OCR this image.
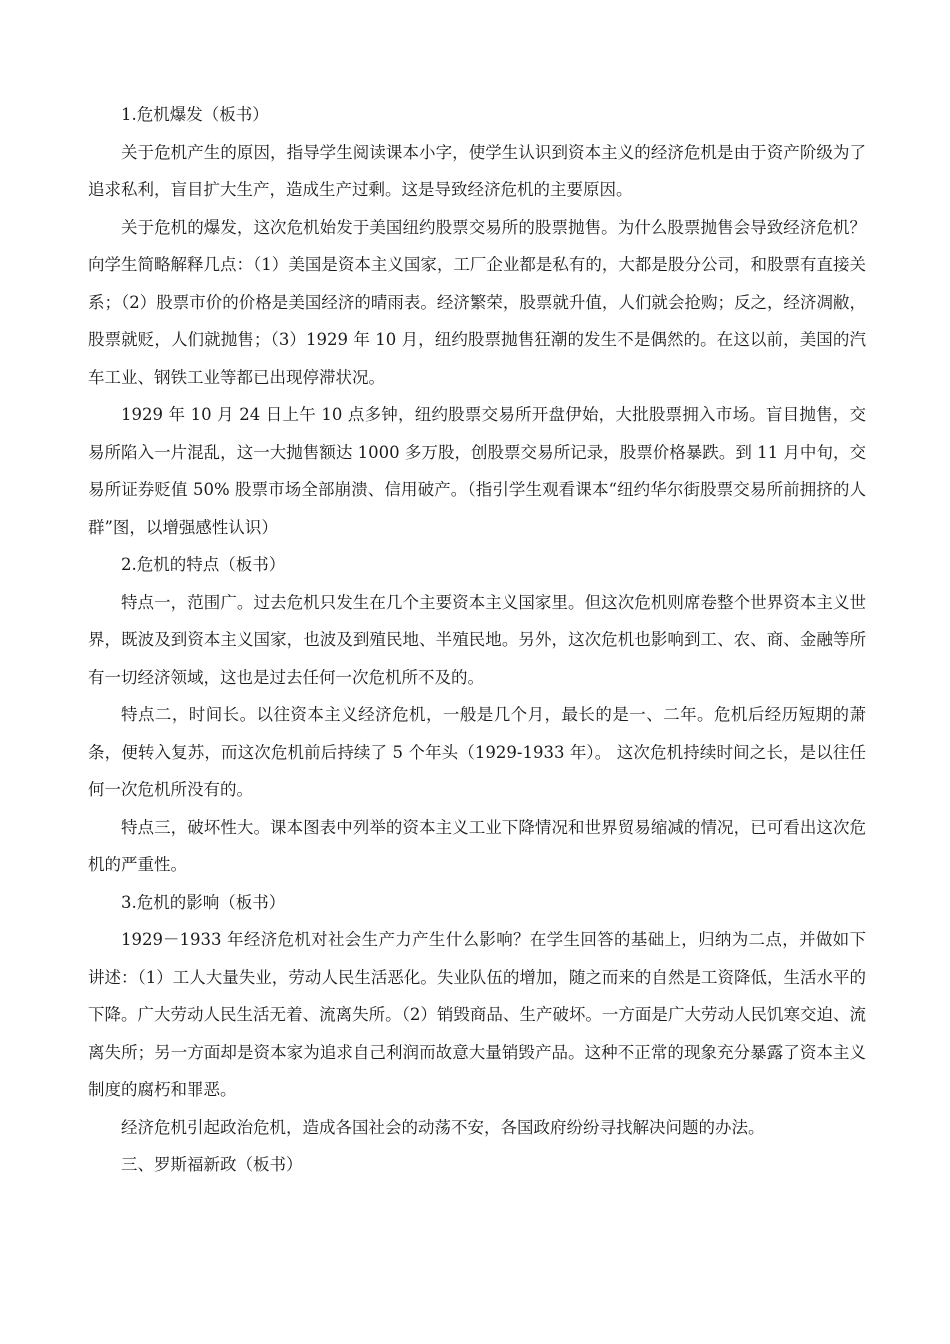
1.危机爆发（板书）

关于危机产生的原因，指导学生阅读课本小字，使学生认识到资本主义的经济危机是由于资产阶级为了追求私利，盲目扩大生产，造成生产过剩。这是导致经济危机的主要原因。

关于危机的爆发，这次危机始发于美国纽约股票交易所的股票抛售。为什么股票抛售会导致经济危机？向学生简略解释几点：（1）美国是资本主义国家，工厂企业都是私有的，大都是股分公司，和股票有直接关系；（2）股票市价的价格是美国经济的晴雨表。经济繁荣，股票就升值，人们就会抢购；反之，经济凋敝，股票就贬，人们就抛售；（3）1929 年 10 月，纽约股票抛售狂潮的发生不是偶然的。在这以前，美国的汽车工业、钢铁工业等都已出现停滞状况。

1929 年 10 月 24 日上午 10 点多钟，纽约股票交易所开盘伊始，大批股票拥入市场。盲目抛售，交易所陷入一片混乱，这一大抛售额达 1000 多万股，创股票交易所记录，股票价格暴跌。到 11 月中旬，交易所证券贬值 50% 股票市场全部崩溃、信用破产。（指引学生观看课本“纽约华尔街股票交易所前拥挤的人群”图，以增强感性认识）

2.危机的特点（板书）

特点一，范围广。过去危机只发生在几个主要资本主义国家里。但这次危机则席卷整个世界资本主义世界，既波及到资本主义国家，也波及到殖民地、半殖民地。另外，这次危机也影响到工、农、商、金融等所有一切经济领域，这也是过去任何一次危机所不及的。

特点二，时间长。以往资本主义经济危机，一般是几个月，最长的是一、二年。危机后经历短期的萧条，便转入复苏，而这次危机前后持续了 5 个年头（1929-1933 年）。 这次危机持续时间之长，是以往任何一次危机所没有的。

特点三，破坏性大。课本图表中列举的资本主义工业下降情况和世界贸易缩减的情况，已可看出这次危机的严重性。

3.危机的影响（板书）

1929－1933 年经济危机对社会生产力产生什么影响？在学生回答的基础上，归纳为二点，并做如下讲述：（1）工人大量失业，劳动人民生活恶化。失业队伍的增加，随之而来的自然是工资降低，生活水平的下降。广大劳动人民生活无着、流离失所。（2）销毁商品、生产破坏。一方面是广大劳动人民饥寒交迫、流离失所；另一方面却是资本家为追求自己利润而故意大量销毁产品。这种不正常的现象充分暴露了资本主义制度的腐朽和罪恶。

经济危机引起政治危机，造成各国社会的动荡不安，各国政府纷纷寻找解决问题的办法。

三、罗斯福新政（板书）
